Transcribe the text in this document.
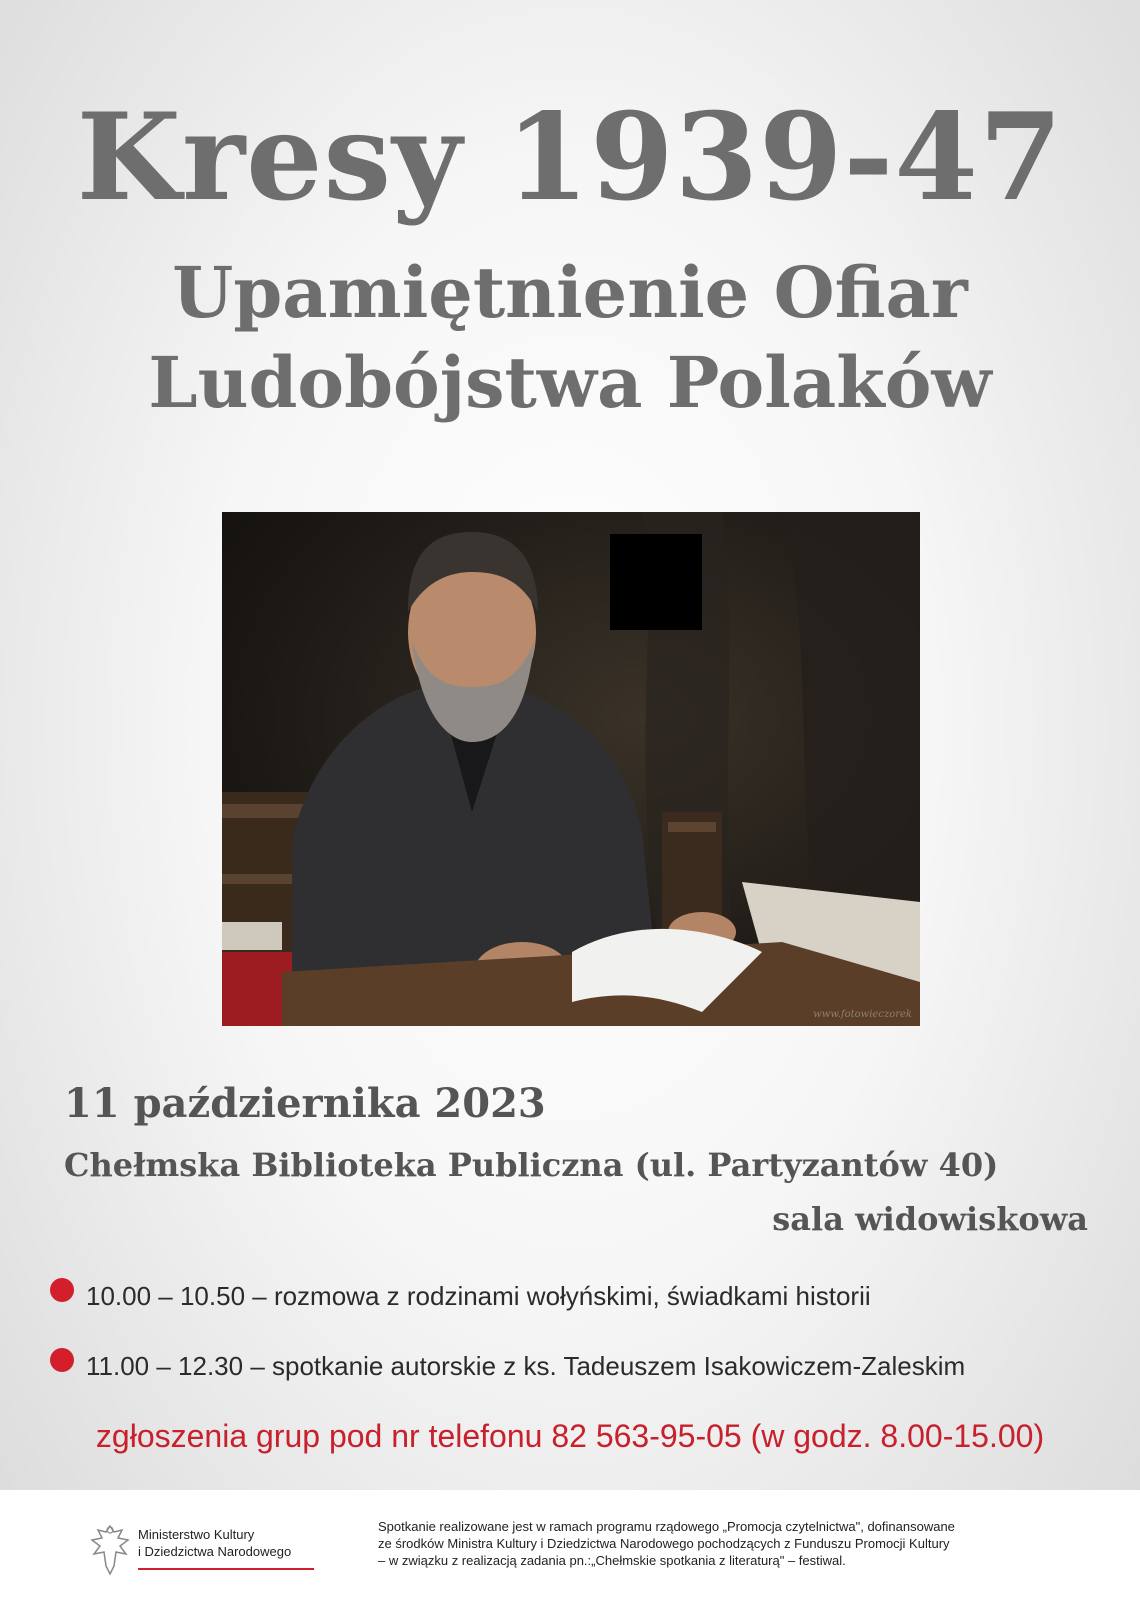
Kresy 1939-47
Upamiętnienie Ofiar
Ludobójstwa Polaków
www.fotowieczorek

11 października 2023

Chełmska Biblioteka Publiczna (ul. Partyzantów 40)

sala widowiskowa

10.00 – 10.50 – rozmowa z rodzinami wołyńskimi, świadkami historii
11.00 – 12.30 – spotkanie autorskie z ks. Tadeuszem Isakowiczem-Zaleskim

zgłoszenia grup pod nr telefonu 82 563-95-05 (w godz. 8.00-15.00)

Ministerstwo Kultury
i Dziedzictwa Narodowego
Spotkanie realizowane jest w ramach programu rządowego „Promocja czytelnictwa", dofinansowane
ze środków Ministra Kultury i Dziedzictwa Narodowego pochodzących z Funduszu Promocji Kultury
– w związku z realizacją zadania pn.:„Chełmskie spotkania z literaturą" – festiwal.
